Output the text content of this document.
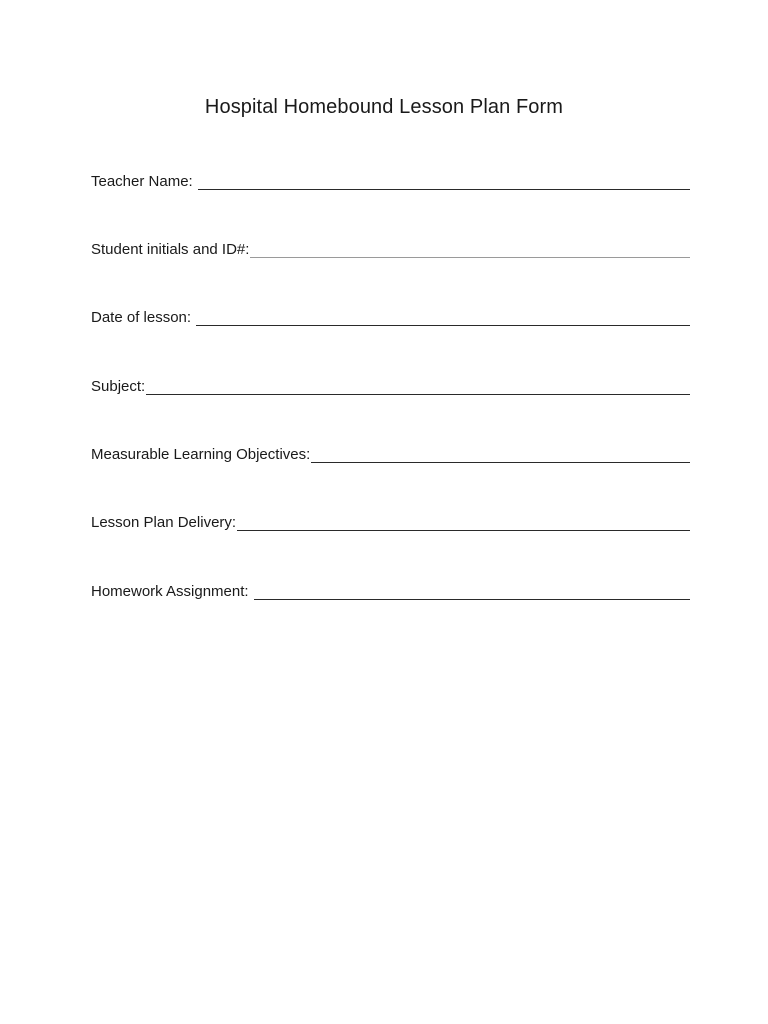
Hospital Homebound Lesson Plan Form
Teacher Name:
Student initials and ID#:
Date of lesson:
Subject:
Measurable Learning Objectives:
Lesson Plan Delivery:
Homework Assignment:
